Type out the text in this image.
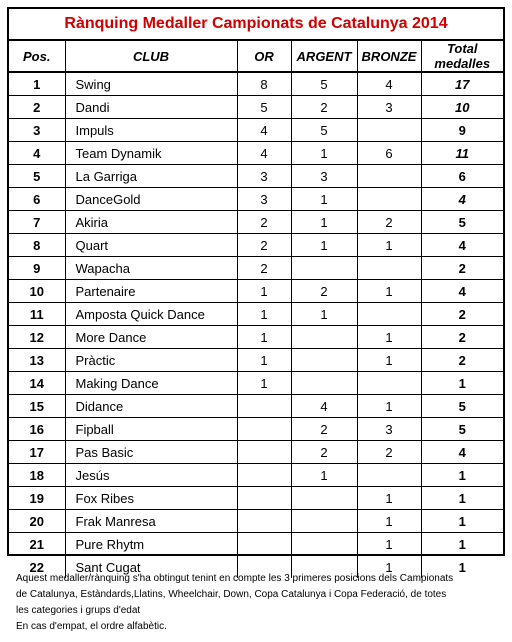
Rànquing Medaller Campionats de Catalunya 2014
Pos.	CLUB	OR	ARGENT	BRONZE	Total medalles
1	Swing	8	5	4	17
2	Dandi	5	2	3	10
3	Impuls	4	5		9
4	Team Dynamik	4	1	6	11
5	La Garriga	3	3		6
6	DanceGold	3	1		4
7	Akiria	2	1	2	5
8	Quart	2	1	1	4
9	Wapacha	2			2
10	Partenaire	1	2	1	4
11	Amposta Quick Dance	1	1		2
12	More Dance	1		1	2
13	Pràctic	1		1	2
14	Making Dance	1			1
15	Didance		4	1	5
16	Fipball		2	3	5
17	Pas Basic		2	2	4
18	Jesús		1		1
19	Fox Ribes			1	1
20	Frak Manresa			1	1
21	Pure Rhytm			1	1
22	Sant Cugat			1	1

Aquest medaller/rànquing s'ha obtingut tenint en compte les 3 primeres posicions dels Campionats

de Catalunya, Estàndards,Llatins, Wheelchair, Down, Copa Catalunya i Copa Federació, de totes

les categories i grups d'edat

En cas d'empat, el ordre alfabètic.
